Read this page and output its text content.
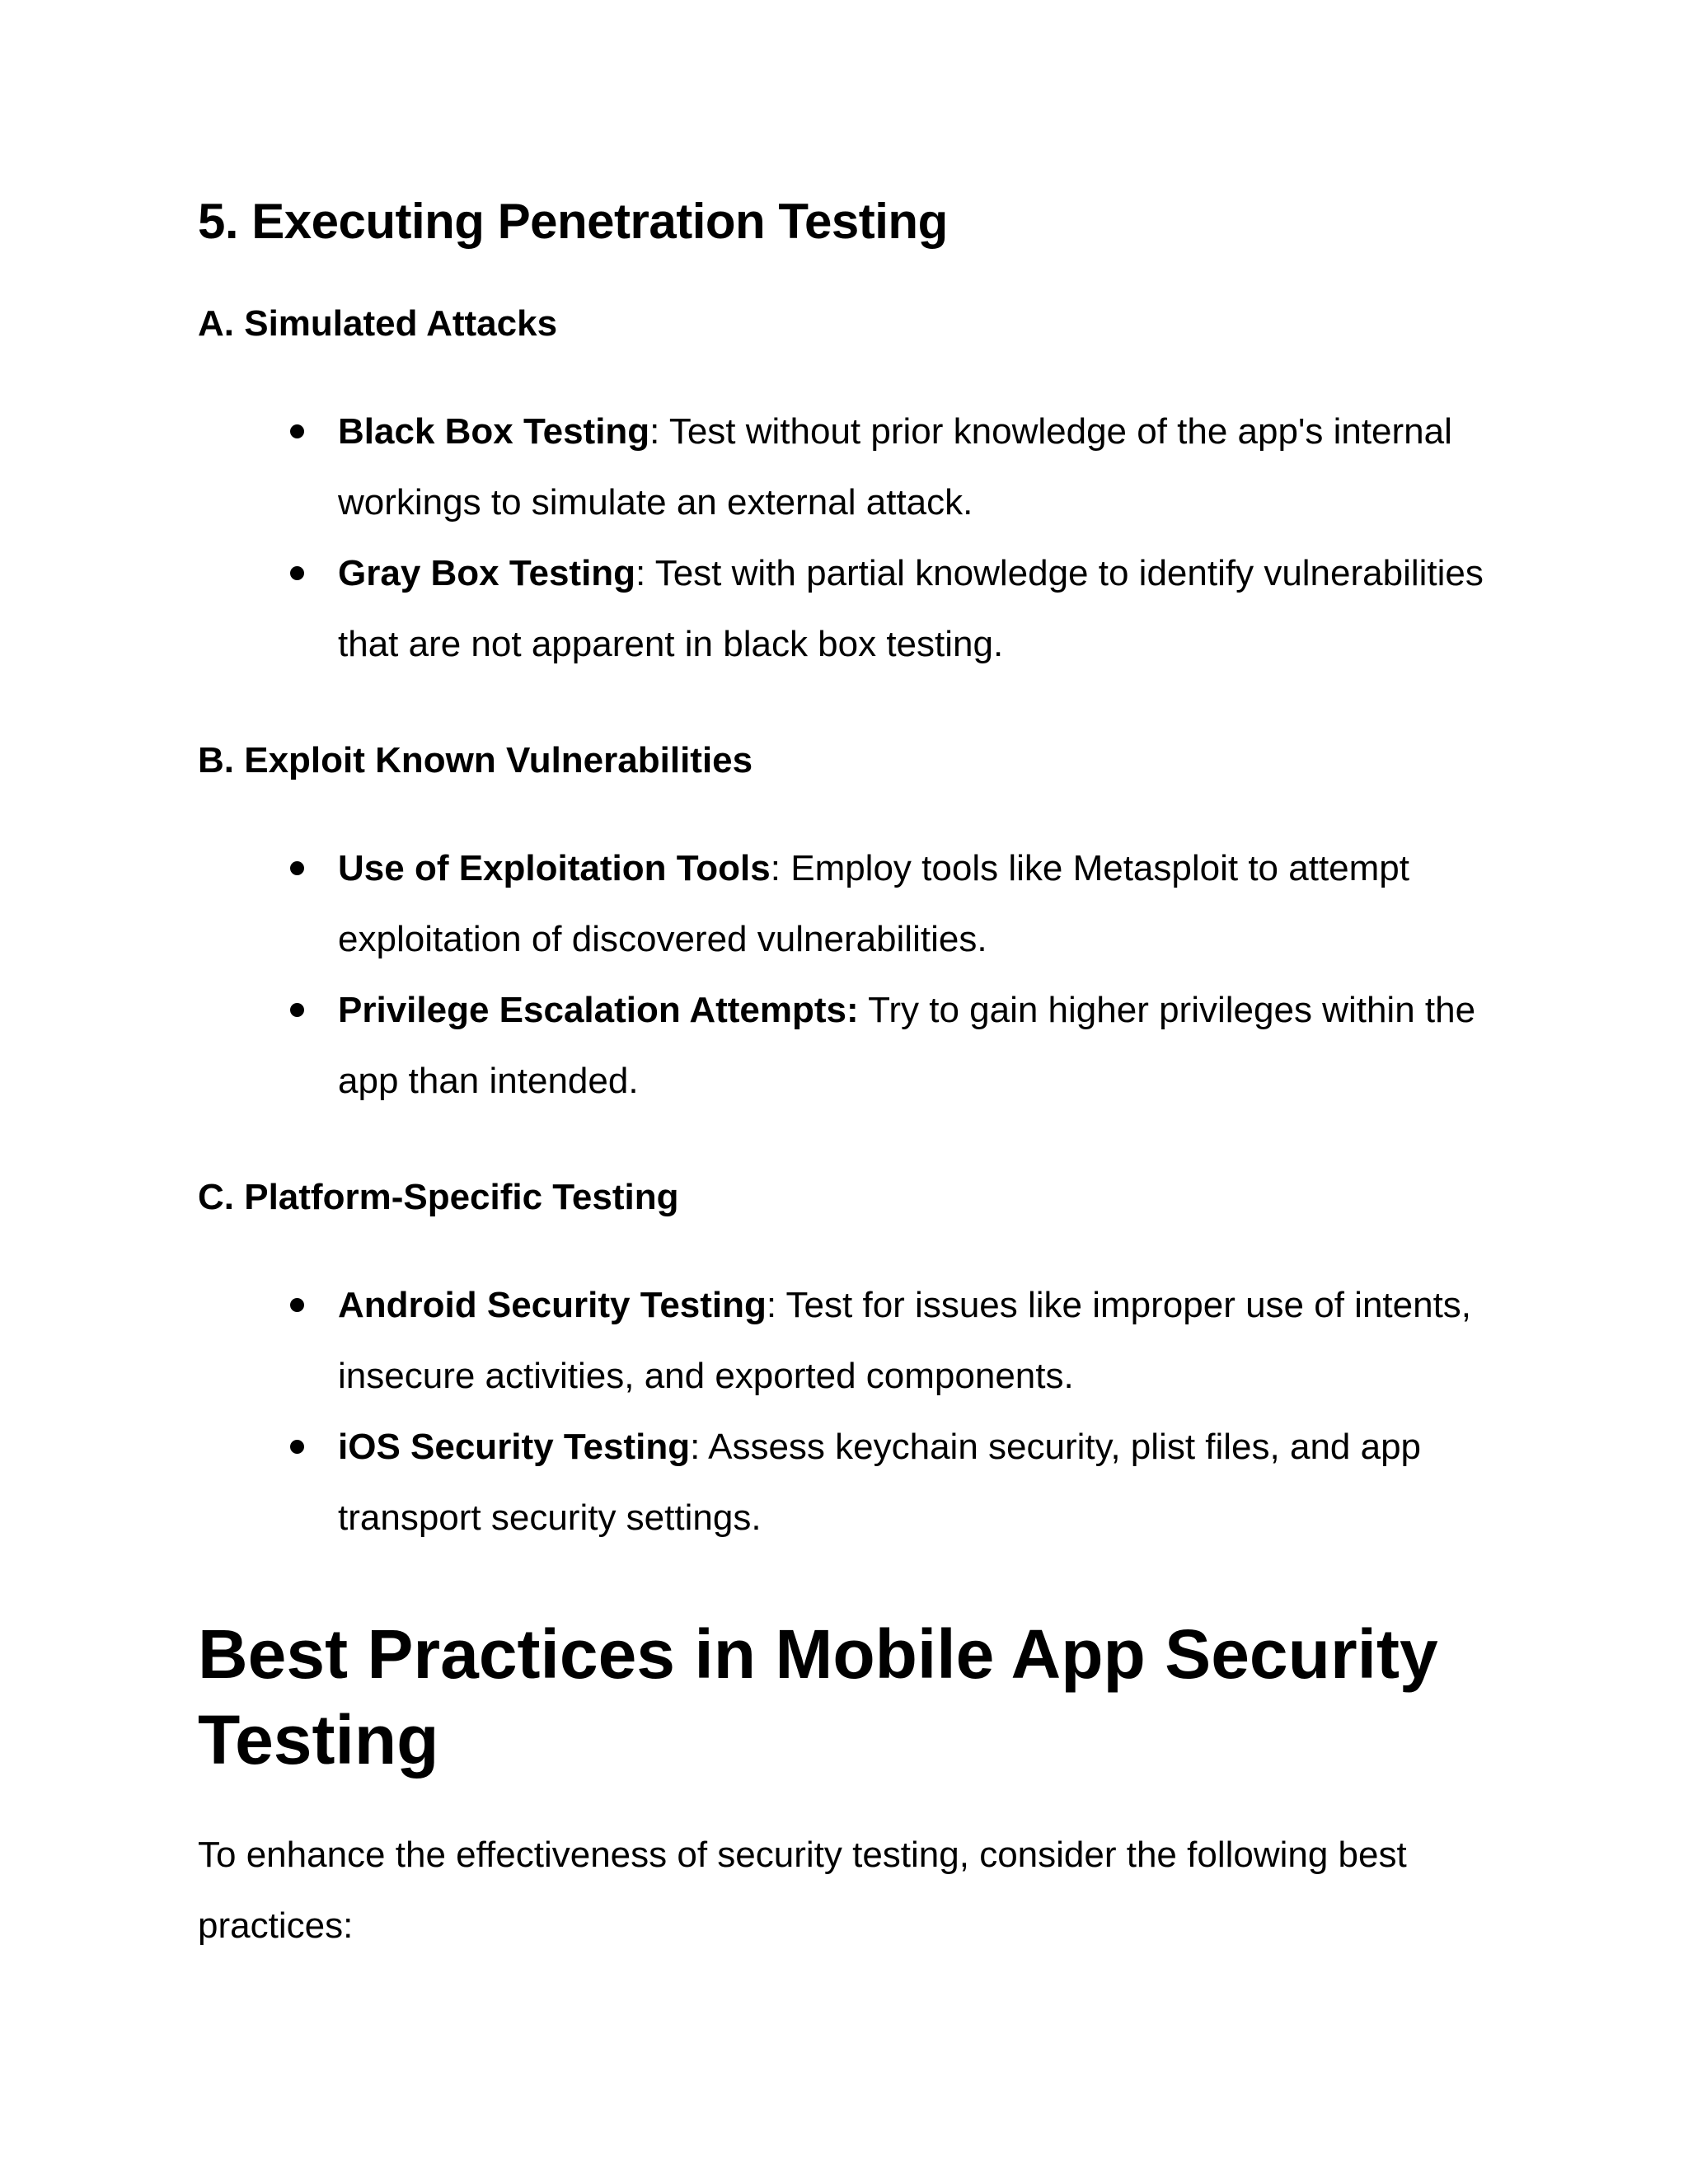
5. Executing Penetration Testing
A. Simulated Attacks
Black Box Testing: Test without prior knowledge of the app's internal workings to simulate an external attack.
Gray Box Testing: Test with partial knowledge to identify vulnerabilities that are not apparent in black box testing.
B. Exploit Known Vulnerabilities
Use of Exploitation Tools: Employ tools like Metasploit to attempt exploitation of discovered vulnerabilities.
Privilege Escalation Attempts: Try to gain higher privileges within the app than intended.
C. Platform-Specific Testing
Android Security Testing: Test for issues like improper use of intents, insecure activities, and exported components.
iOS Security Testing: Assess keychain security, plist files, and app transport security settings.
Best Practices in Mobile App Security Testing

To enhance the effectiveness of security testing, consider the following best practices:
